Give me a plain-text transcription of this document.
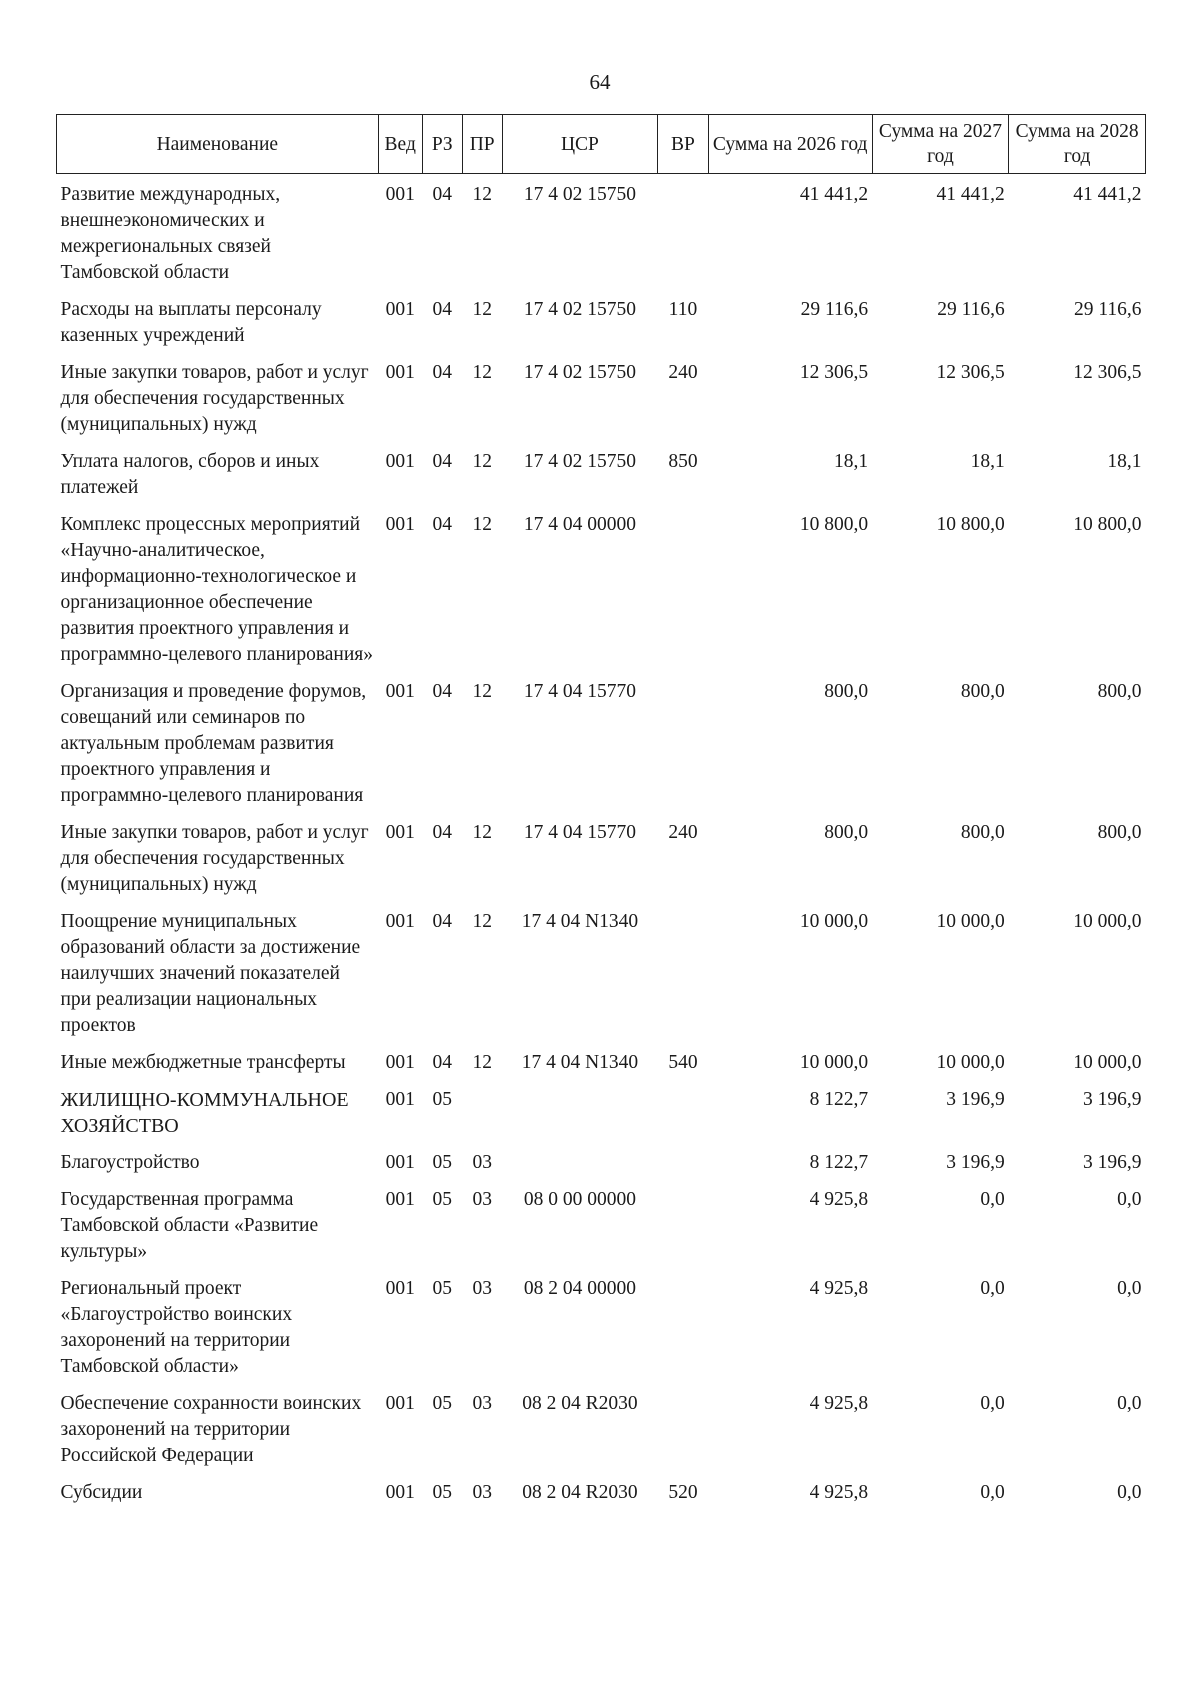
64
Наименование	Вед	РЗ	ПР	ЦСР	ВР	Сумма на 2026 год	Сумма на 2027 год	Сумма на 2028 год
Развитие международных, внешнеэкономических и межрегиональных связей Тамбовской области	001	04	12	17 4 02 15750		41 441,2	41 441,2	41 441,2
Расходы на выплаты персоналу казенных учреждений	001	04	12	17 4 02 15750	110	29 116,6	29 116,6	29 116,6
Иные закупки товаров, работ и услуг для обеспечения государственных (муниципальных) нужд	001	04	12	17 4 02 15750	240	12 306,5	12 306,5	12 306,5
Уплата налогов, сборов и иных платежей	001	04	12	17 4 02 15750	850	18,1	18,1	18,1
Комплекс процессных мероприятий «Научно-аналитическое, информационно-технологическое и организационное обеспечение развития проектного управления и программно-целевого планирования»	001	04	12	17 4 04 00000		10 800,0	10 800,0	10 800,0
Организация и проведение форумов, совещаний или семинаров по актуальным проблемам развития проектного управления и программно-целевого планирования	001	04	12	17 4 04 15770		800,0	800,0	800,0
Иные закупки товаров, работ и услуг для обеспечения государственных (муниципальных) нужд	001	04	12	17 4 04 15770	240	800,0	800,0	800,0
Поощрение муниципальных образований области за достижение наилучших значений показателей при реализации национальных проектов	001	04	12	17 4 04 N1340		10 000,0	10 000,0	10 000,0
Иные межбюджетные трансферты	001	04	12	17 4 04 N1340	540	10 000,0	10 000,0	10 000,0
ЖИЛИЩНО-КОММУНАЛЬНОЕ ХОЗЯЙСТВО	001	05				8 122,7	3 196,9	3 196,9
Благоустройство	001	05	03			8 122,7	3 196,9	3 196,9
Государственная программа Тамбовской области «Развитие культуры»	001	05	03	08 0 00 00000		4 925,8	0,0	0,0
Региональный проект «Благоустройство воинских захоронений на территории Тамбовской области»	001	05	03	08 2 04 00000		4 925,8	0,0	0,0
Обеспечение сохранности воинских захоронений на территории Российской Федерации	001	05	03	08 2 04 R2030		4 925,8	0,0	0,0
Субсидии	001	05	03	08 2 04 R2030	520	4 925,8	0,0	0,0
